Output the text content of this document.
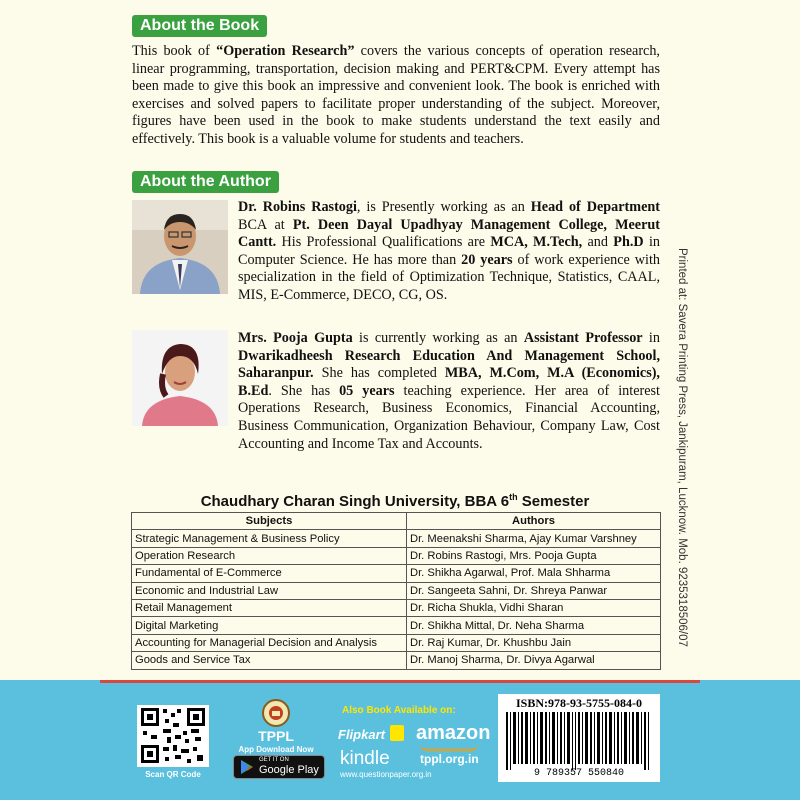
About the Book
This book of “Operation Research” covers the various concepts of operation research, linear programming, transportation, decision making and PERT&CPM. Every attempt has been made to give this book an impressive and convenient look. The book is enriched with exercises and solved papers to facilitate proper understanding of the subject. Moreover, figures have been used in the book to make students understand the text easily and effectively. This book is a valuable volume for students and teachers.
About the Author
Dr. Robins Rastogi, is Presently working as an Head of Department BCA at Pt. Deen Dayal Upadhyay Management College, Meerut Cantt. His Professional Qualifications are MCA, M.Tech, and Ph.D in Computer Science. He has more than 20 years of work experience with specialization in the field of Optimization Technique, Statistics, CAAL, MIS, E-Commerce, DECO, CG, OS.
Mrs. Pooja Gupta is currently working as an Assistant Professor in Dwarikadheesh Research Education And Management School, Saharanpur. She has completed MBA, M.Com, M.A (Economics), B.Ed. She has 05 years teaching experience. Her area of interest Operations Research, Business Economics, Financial Accounting, Business Communication, Organization Behaviour, Company Law, Cost Accounting and Income Tax and Accounts.	Printed at: Savera Printing Press, Jankipuram, Lucknow. Mob. 9235318506/07
Chaudhary Charan Singh University, BBA 6th Semester
Subjects	Authors
Strategic Management & Business Policy	Dr. Meenakshi Sharma, Ajay Kumar Varshney
Operation Research	Dr. Robins Rastogi, Mrs. Pooja Gupta
Fundamental of E-Commerce	Dr. Shikha Agarwal, Prof. Mala Shharma
Economic and Industrial Law	Dr. Sangeeta Sahni, Dr. Shreya Panwar
Retail Management	Dr. Richa Shukla, Vidhi Sharan
Digital Marketing	Dr. Shikha Mittal, Dr. Neha Sharma
Accounting for Managerial Decision and Analysis	Dr. Raj Kumar, Dr. Khushbu Jain
Goods and Service Tax	Dr. Manoj Sharma, Dr. Divya Agarwal
Scan QR Code
TPPL
App Download Now
GET IT ON
Google Play
Also Book Available on:
Flipkart amazon
kindle	tppl.org.in
www.questionpaper.org.in
ISBN:978-93-5755-084-0
9 789357 550840
